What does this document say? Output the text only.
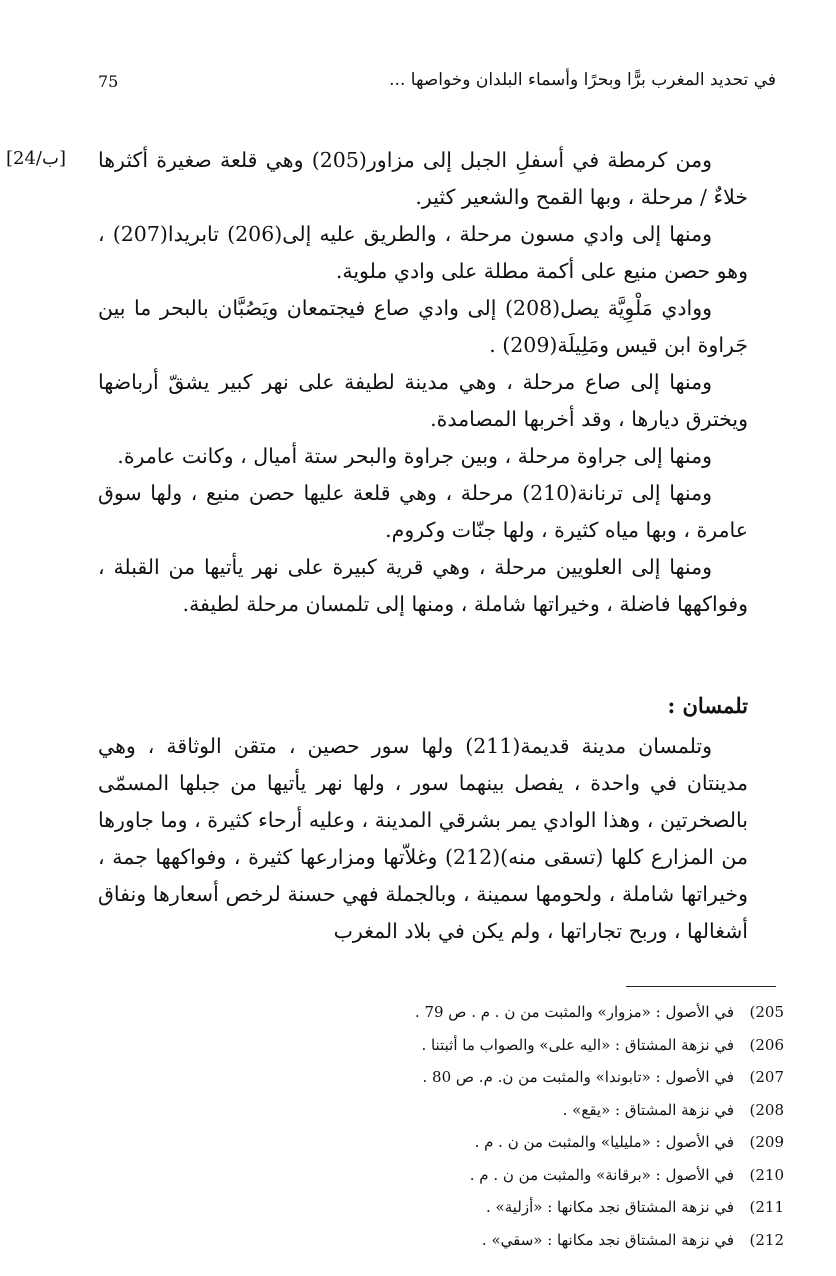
في تحديد المغرب برًّا وبحرًا وأسماء البلدان وخواصها ...
75
[24/ب] ومن كرمطة في أسفلِ الجبل إلى مزاور(205) وهي قلعة صغيرة أكثرها خلاءٌ / مرحلة ، وبها القمح والشعير كثير.

ومنها إلى وادي مسون مرحلة ، والطريق عليه إلى(206) تابريدا(207) ، وهو حصن منيع على أكمة مطلة على وادي ملوية.

ووادي مَلْوِيَّة يصل(208) إلى وادي صاع فيجتمعان ويَصُبَّان بالبحر ما بين جَراوة ابن قيس ومَلِيلَة(209) .

ومنها إلى صاع مرحلة ، وهي مدينة لطيفة على نهر كبير يشقّ أرباضها ويخترق ديارها ، وقد أخربها المصامدة.

ومنها إلى جراوة مرحلة ، وبين جراوة والبحر ستة أميال ، وكانت عامرة.

ومنها إلى ترنانة(210) مرحلة ، وهي قلعة عليها حصن منيع ، ولها سوق عامرة ، وبها مياه كثيرة ، ولها جنّات وكروم.

ومنها إلى العلويين مرحلة ، وهي قرية كبيرة على نهر يأتيها من القبلة ، وفواكهها فاضلة ، وخيراتها شاملة ، ومنها إلى تلمسان مرحلة لطيفة.

تلمسان :

وتلمسان مدينة قديمة(211) ولها سور حصين ، متقن الوثاقة ، وهي مدينتان في واحدة ، يفصل بينهما سور ، ولها نهر يأتيها من جبلها المسمّى بالصخرتين ، وهذا الوادي يمر بشرقي المدينة ، وعليه أرحاء كثيرة ، وما جاورها من المزارع كلها (تسقى منه)(212) وغلاّتها ومزارعها كثيرة ، وفواكهها جمة ، وخيراتها شاملة ، ولحومها سمينة ، وبالجملة فهي حسنة لرخص أسعارها ونفاق أشغالها ، وربح تجاراتها ، ولم يكن في بلاد المغرب

205)
في الأصول : «مزوار» والمثبت من ن . م . ص 79 .
206)
في نزهة المشتاق : «اليه على» والصواب ما أثبتنا .
207)
في الأصول : «تابوندا» والمثبت من ن. م. ص 80 .
208)
في نزهة المشتاق : «يقع» .
209)
في الأصول : «مليليا» والمثبت من ن . م .
210)
في الأصول : «برقانة» والمثبت من ن . م .
211)
في نزهة المشتاق نجد مكانها : «أزلية» .
212)
في نزهة المشتاق نجد مكانها : «سقي» .
